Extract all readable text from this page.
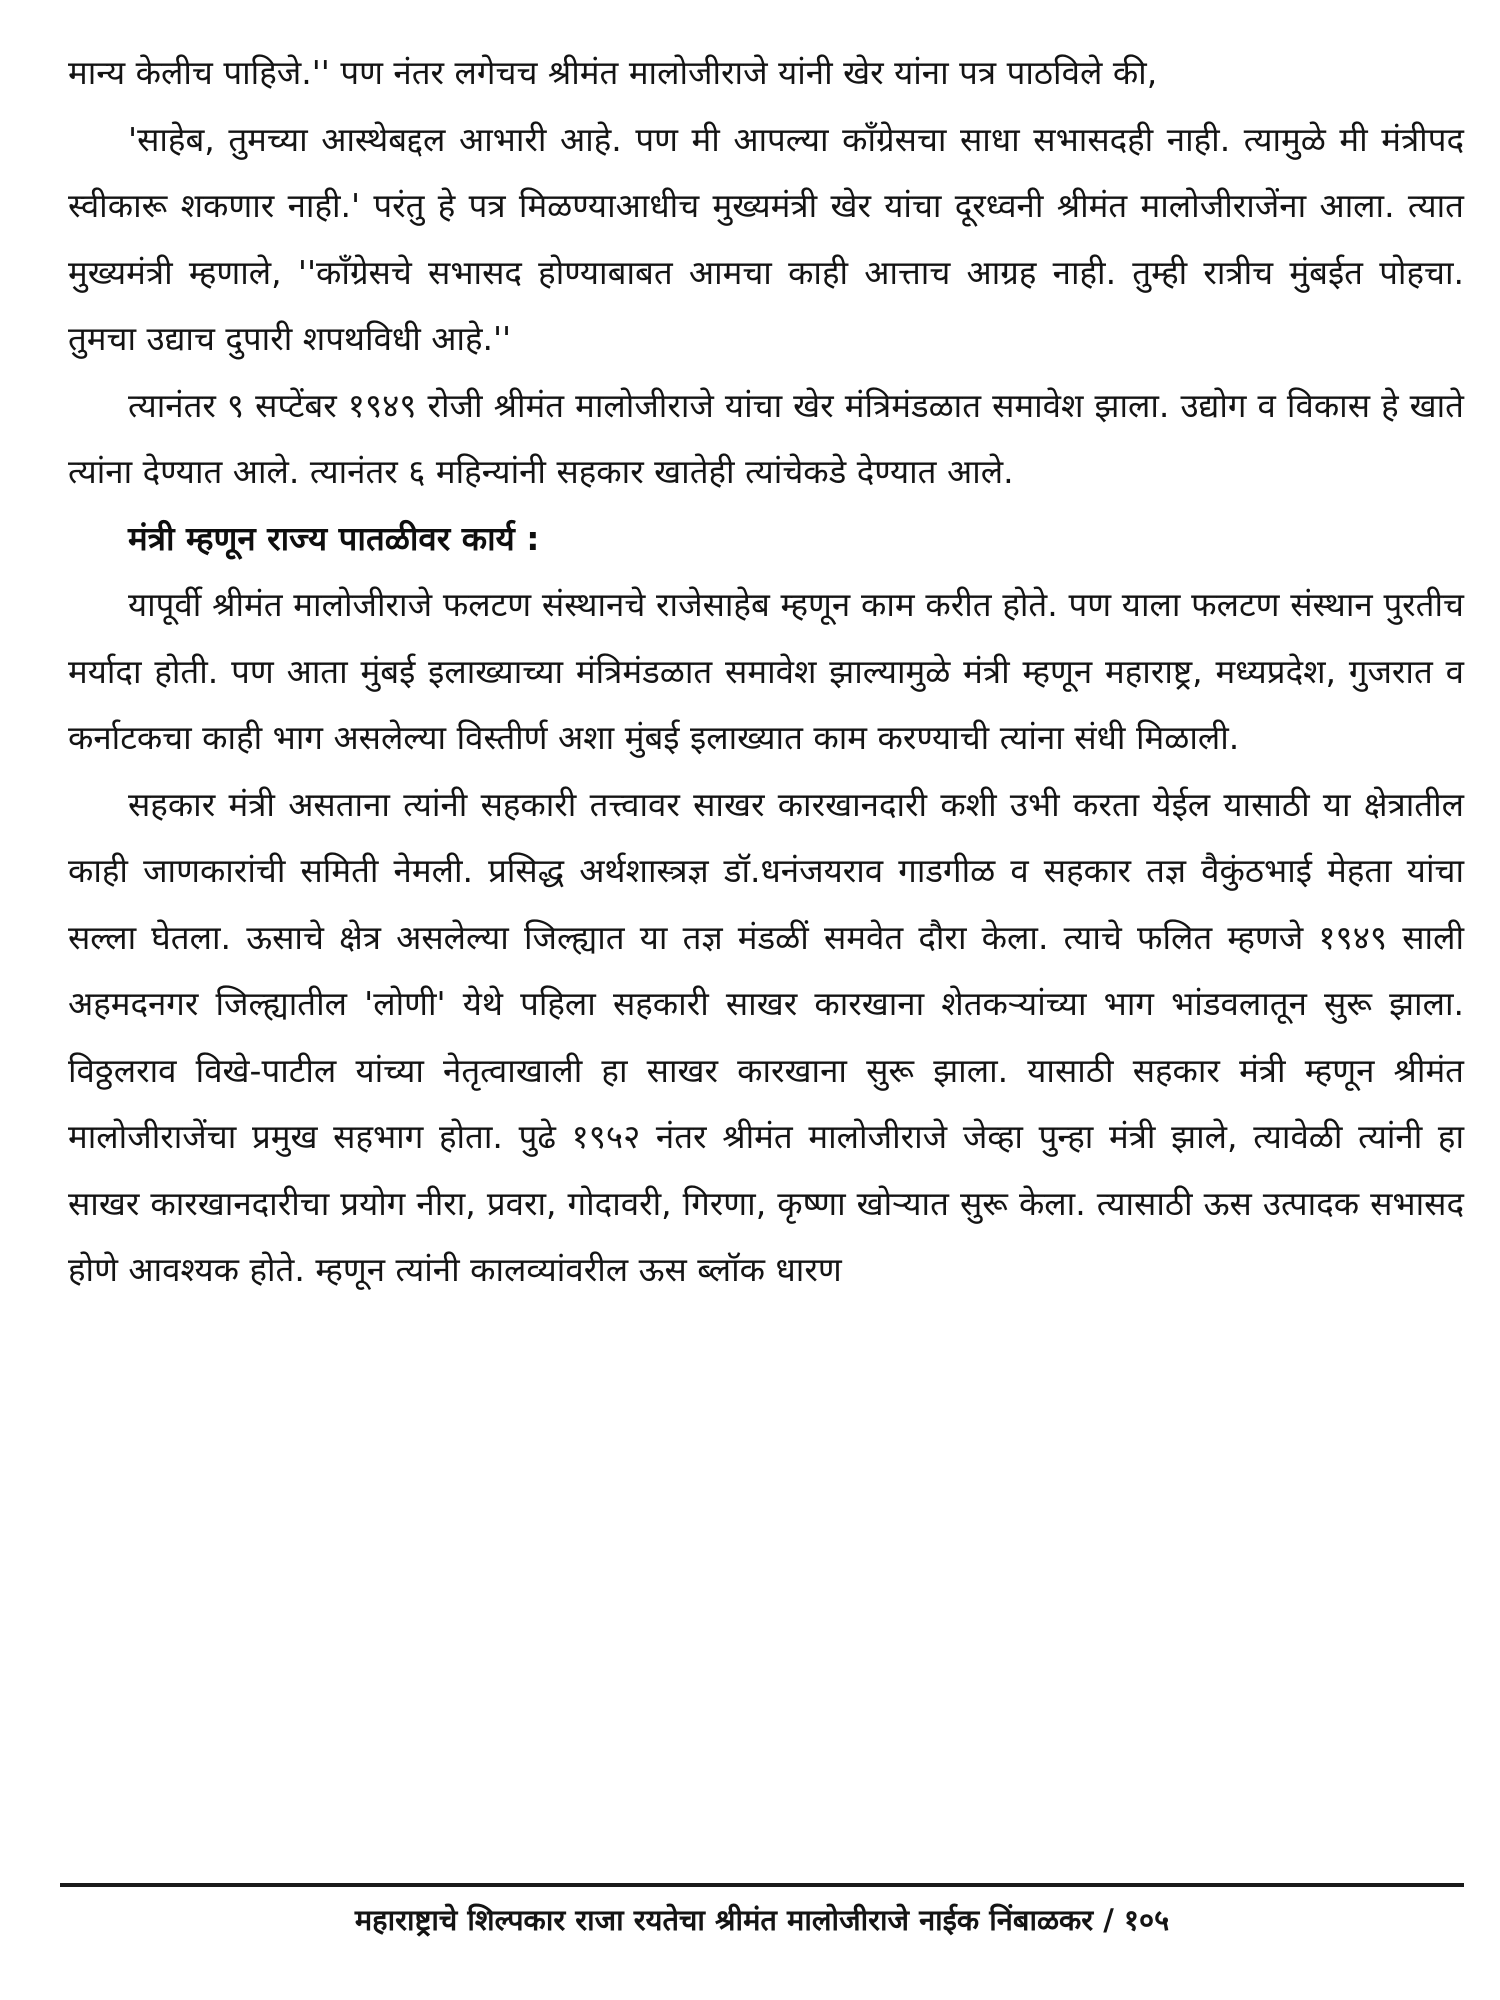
मान्य केलीच पाहिजे.'' पण नंतर लगेचच श्रीमंत मालोजीराजे यांनी खेर यांना पत्र पाठविले की,

'साहेब, तुमच्या आस्थेबद्दल आभारी आहे. पण मी आपल्या काँग्रेसचा साधा सभासदही नाही. त्यामुळे मी मंत्रीपद स्वीकारू शकणार नाही.' परंतु हे पत्र मिळण्याआधीच मुख्यमंत्री खेर यांचा दूरध्वनी श्रीमंत मालोजीराजेंना आला. त्यात मुख्यमंत्री म्हणाले, ''काँग्रेसचे सभासद होण्याबाबत आमचा काही आत्ताच आग्रह नाही. तुम्ही रात्रीच मुंबईत पोहचा. तुमचा उद्याच दुपारी शपथविधी आहे.''

त्यानंतर ९ सप्टेंबर १९४९ रोजी श्रीमंत मालोजीराजे यांचा खेर मंत्रिमंडळात समावेश झाला. उद्योग व विकास हे खाते त्यांना देण्यात आले. त्यानंतर ६ महिन्यांनी सहकार खातेही त्यांचेकडे देण्यात आले.

मंत्री म्हणून राज्य पातळीवर कार्य :

यापूर्वी श्रीमंत मालोजीराजे फलटण संस्थानचे राजेसाहेब म्हणून काम करीत होते. पण याला फलटण संस्थान पुरतीच मर्यादा होती. पण आता मुंबई इलाख्याच्या मंत्रिमंडळात समावेश झाल्यामुळे मंत्री म्हणून महाराष्ट्र, मध्यप्रदेश, गुजरात व कर्नाटकचा काही भाग असलेल्या विस्तीर्ण अशा मुंबई इलाख्यात काम करण्याची त्यांना संधी मिळाली.

सहकार मंत्री असताना त्यांनी सहकारी तत्त्वावर साखर कारखानदारी कशी उभी करता येईल यासाठी या क्षेत्रातील काही जाणकारांची समिती नेमली. प्रसिद्ध अर्थशास्त्रज्ञ डॉ.धनंजयराव गाडगीळ व सहकार तज्ञ वैकुंठभाई मेहता यांचा सल्ला घेतला. ऊसाचे क्षेत्र असलेल्या जिल्ह्यात या तज्ञ मंडळीं समवेत दौरा केला. त्याचे फलित म्हणजे १९४९ साली अहमदनगर जिल्ह्यातील 'लोणी' येथे पहिला सहकारी साखर कारखाना शेतकऱ्यांच्या भाग भांडवलातून सुरू झाला. विठ्ठलराव विखे-पाटील यांच्या नेतृत्वाखाली हा साखर कारखाना सुरू झाला. यासाठी सहकार मंत्री म्हणून श्रीमंत मालोजीराजेंचा प्रमुख सहभाग होता. पुढे १९५२ नंतर श्रीमंत मालोजीराजे जेव्हा पुन्हा मंत्री झाले, त्यावेळी त्यांनी हा साखर कारखानदारीचा प्रयोग नीरा, प्रवरा, गोदावरी, गिरणा, कृष्णा खोऱ्यात सुरू केला. त्यासाठी ऊस उत्पादक सभासद होणे आवश्यक होते. म्हणून त्यांनी कालव्यांवरील ऊस ब्लॉक धारण

महाराष्ट्राचे शिल्पकार राजा रयतेचा श्रीमंत मालोजीराजे नाईक निंबाळकर / १०५
